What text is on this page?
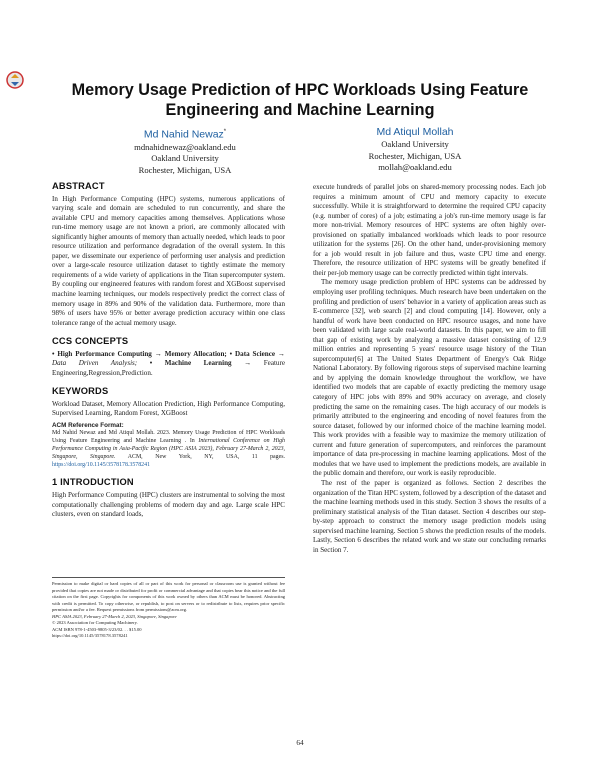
Memory Usage Prediction of HPC Workloads Using Feature
Engineering and Machine Learning
Md Nahid Newaz*
mdnahidnewaz@oakland.edu
Oakland University
Rochester, Michigan, USA
Md Atiqul Mollah
Oakland University
Rochester, Michigan, USA
mollah@oakland.edu
ABSTRACT

In High Performance Computing (HPC) systems, numerous applications of varying scale and domain are scheduled to run concurrently, and share the available CPU and memory capacities among themselves. Applications whose run-time memory usage are not known a priori, are commonly allocated with significantly higher amounts of memory than actually needed, which leads to poor resource utilization and performance degradation of the overall system. In this paper, we disseminate our experience of performing user analysis and prediction over a large-scale resource utilization dataset to tightly estimate the memory requirements of a wide variety of applications in the Titan supercomputer system. By coupling our engineered features with random forest and XGBoost supervised machine learning techniques, our models respectively predict the correct class of memory usage in 89% and 90% of the validation data. Furthermore, more than 98% of users have 95% or better average prediction accuracy within one class tolerance range of the actual memory usage.

CCS CONCEPTS

• High Performance Computing → Memory Allocation; • Data Science → Data Driven Analysis; • Machine Learning → Feature Engineering,Regression,Prediction.

KEYWORDS

Workload Dataset, Memory Allocation Prediction, High Performance Computing, Supervised Learning, Random Forest, XGBoost

ACM Reference Format:

Md Nahid Newaz and Md Atiqul Mollah. 2023. Memory Usage Prediction of HPC Workloads Using Feature Engineering and Machine Learning . In International Conference on High Performance Computing in Asia-Pacific Region (HPC ASIA 2023), February 27-March 2, 2023, Singapore, Singapore. ACM, New York, NY, USA, 11 pages. https://doi.org/10.1145/3578178.3578241

1 INTRODUCTION

High Performance Computing (HPC) clusters are instrumental to solving the most computationally challenging problems of modern day and age. Large scale HPC clusters, even on standard loads,

Permission to make digital or hard copies of all or part of this work for personal or classroom use is granted without fee provided that copies are not made or distributed for profit or commercial advantage and that copies bear this notice and the full citation on the first page. Copyrights for components of this work owned by others than ACM must be honored. Abstracting with credit is permitted. To copy otherwise, or republish, to post on servers or to redistribute to lists, requires prior specific permission and/or a fee. Request permissions from permissions@acm.org.
HPC ASIA 2023, February 27-March 2, 2023, Singapore, Singapore
© 2023 Association for Computing Machinery.
ACM ISBN 978-1-4503-9805-3/23/02. . . $15.00
https://doi.org/10.1145/3578178.3578241

execute hundreds of parallel jobs on shared-memory processing nodes. Each job requires a minimum amount of CPU and memory capacity to execute successfully. While it is straightforward to determine the required CPU capacity (e.g. number of cores) of a job; estimating a job's run-time memory usage is far more non-trivial. Memory resources of HPC systems are often highly over-provisioned on spatially imbalanced workloads which leads to poor resource utilization for the systems [26]. On the other hand, under-provisioning memory for a job would result in job failure and thus, waste CPU time and energy. Therefore, the resource utilization of HPC systems will be greatly benefited if their per-job memory usage can be correctly predicted within tight intervals.

The memory usage prediction problem of HPC systems can be addressed by employing user profiling techniques. Much research have been undertaken on the profiling and prediction of users' behavior in a variety of application areas such as E-commerce [32], web search [2] and cloud computing [14]. However, only a handful of work have been conducted on HPC resource usages, and none have been validated with large scale real-world datasets. In this paper, we aim to fill that gap of existing work by analyzing a massive dataset consisting of 12.9 million entries and representing 5 years' resource usage history of the Titan supercomputer[6] at The United States Department of Energy's Oak Ridge National Laboratory. By following rigorous steps of supervised machine learning and by applying the domain knowledge throughout the workflow, we have identified two models that are capable of exactly predicting the memory usage category of HPC jobs with 89% and 90% accuracy on average, and closely predicting the same on the remaining cases. The high accuracy of our models is primarily attributed to the engineering and encoding of novel features from the source dataset, followed by our informed choice of the machine learning model. This work provides with a feasible way to maximize the memory utilization of current and future generation of supercomputers, and reinforces the paramount importance of data pre-processing in machine learning applications. Most of the modules that we have used to implement the predictions models, are available in the public domain and therefore, our work is easily reproducible.

The rest of the paper is organized as follows. Section 2 describes the organization of the Titan HPC system, followed by a description of the dataset and the machine learning methods used in this study. Section 3 shows the results of a preliminary statistical analysis of the Titan dataset. Section 4 describes our step-by-step approach to construct the memory usage prediction models using supervised machine learning. Section 5 shows the prediction results of the models. Lastly, Section 6 describes the related work and we state our concluding remarks in Section 7.

64
